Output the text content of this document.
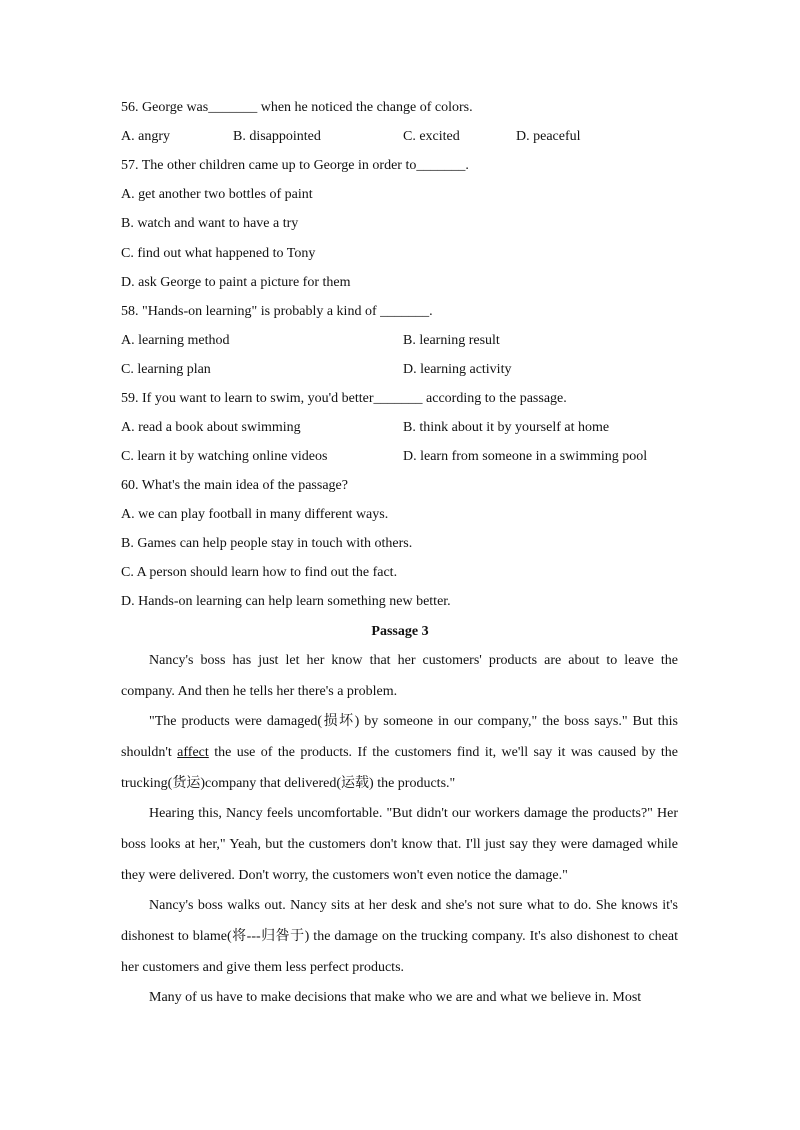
56. George was_______ when he noticed the change of colors.
A. angry	B. disappointed	C. excited	D. peaceful
57. The other children came up to George in order to_______.
A. get another two bottles of paint
B. watch and want to have a try
C. find out what happened to Tony
D. ask George to paint a picture for them
58. "Hands-on learning" is probably a kind of _______.
A. learning method	B. learning result
C. learning plan	D. learning activity
59. If you want to learn to swim, you'd better_______ according to the passage.
A. read a book about swimming	B. think about it by yourself at home
C. learn it by watching online videos	D. learn from someone in a swimming pool
60. What's the main idea of the passage?
A. we can play football in many different ways.
B. Games can help people stay in touch with others.
C. A person should learn how to find out the fact.
D. Hands-on learning can help learn something new better.
Passage 3
Nancy's boss has just let her know that her customers' products are about to leave the company. And then he tells her there's a problem.
"The products were damaged(损坏) by someone in our company," the boss says." But this shouldn't affect the use of the products. If the customers find it, we'll say it was caused by the trucking(货运)company that delivered(运载) the products."
Hearing this, Nancy feels uncomfortable. "But didn't our workers damage the products?" Her boss looks at her," Yeah, but the customers don't know that. I'll just say they were damaged while they were delivered. Don't worry, the customers won't even notice the damage."
Nancy's boss walks out. Nancy sits at her desk and she's not sure what to do. She knows it's dishonest to blame(将---归咎于) the damage on the trucking company. It's also dishonest to cheat her customers and give them less perfect products.
Many of us have to make decisions that make who we are and what we believe in. Most
